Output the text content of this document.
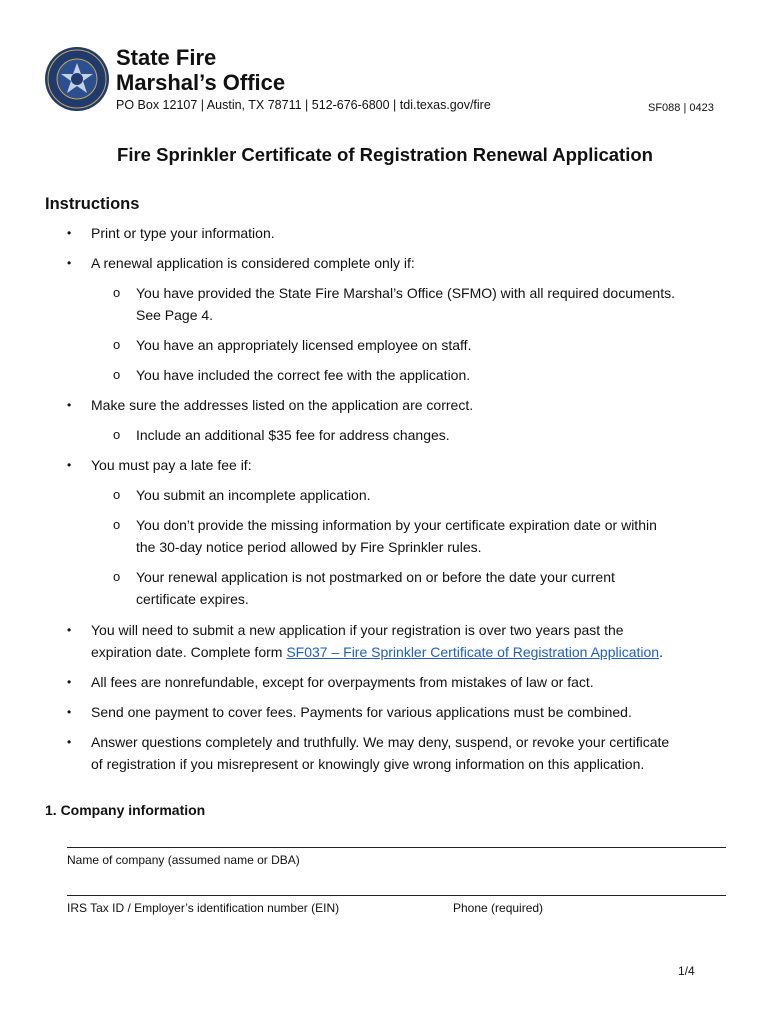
State Fire
Marshal’s Office
PO Box 12107 | Austin, TX 78711 | 512-676-6800 | tdi.texas.gov/fire	SF088 | 0423
Fire Sprinkler Certificate of Registration Renewal Application
Instructions
• Print or type your information.
• A renewal application is considered complete only if:
o You have provided the State Fire Marshal’s Office (SFMO) with all required documents.
See Page 4.
o You have an appropriately licensed employee on staff.
o You have included the correct fee with the application.
• Make sure the addresses listed on the application are correct.
o Include an additional $35 fee for address changes.
• You must pay a late fee if:
o You submit an incomplete application.
o You don’t provide the missing information by your certificate expiration date or within
the 30-day notice period allowed by Fire Sprinkler rules.
o Your renewal application is not postmarked on or before the date your current
certificate expires.
• You will need to submit a new application if your registration is over two years past the
expiration date. Complete form SF037 – Fire Sprinkler Certificate of Registration Application.
• All fees are nonrefundable, except for overpayments from mistakes of law or fact.
• Send one payment to cover fees. Payments for various applications must be combined.
• Answer questions completely and truthfully. We may deny, suspend, or revoke your certificate
of registration if you misrepresent or knowingly give wrong information on this application.
1. Company information
Name of company (assumed name or DBA)
IRS Tax ID / Employer’s identification number (EIN)	Phone (required)
1/4
